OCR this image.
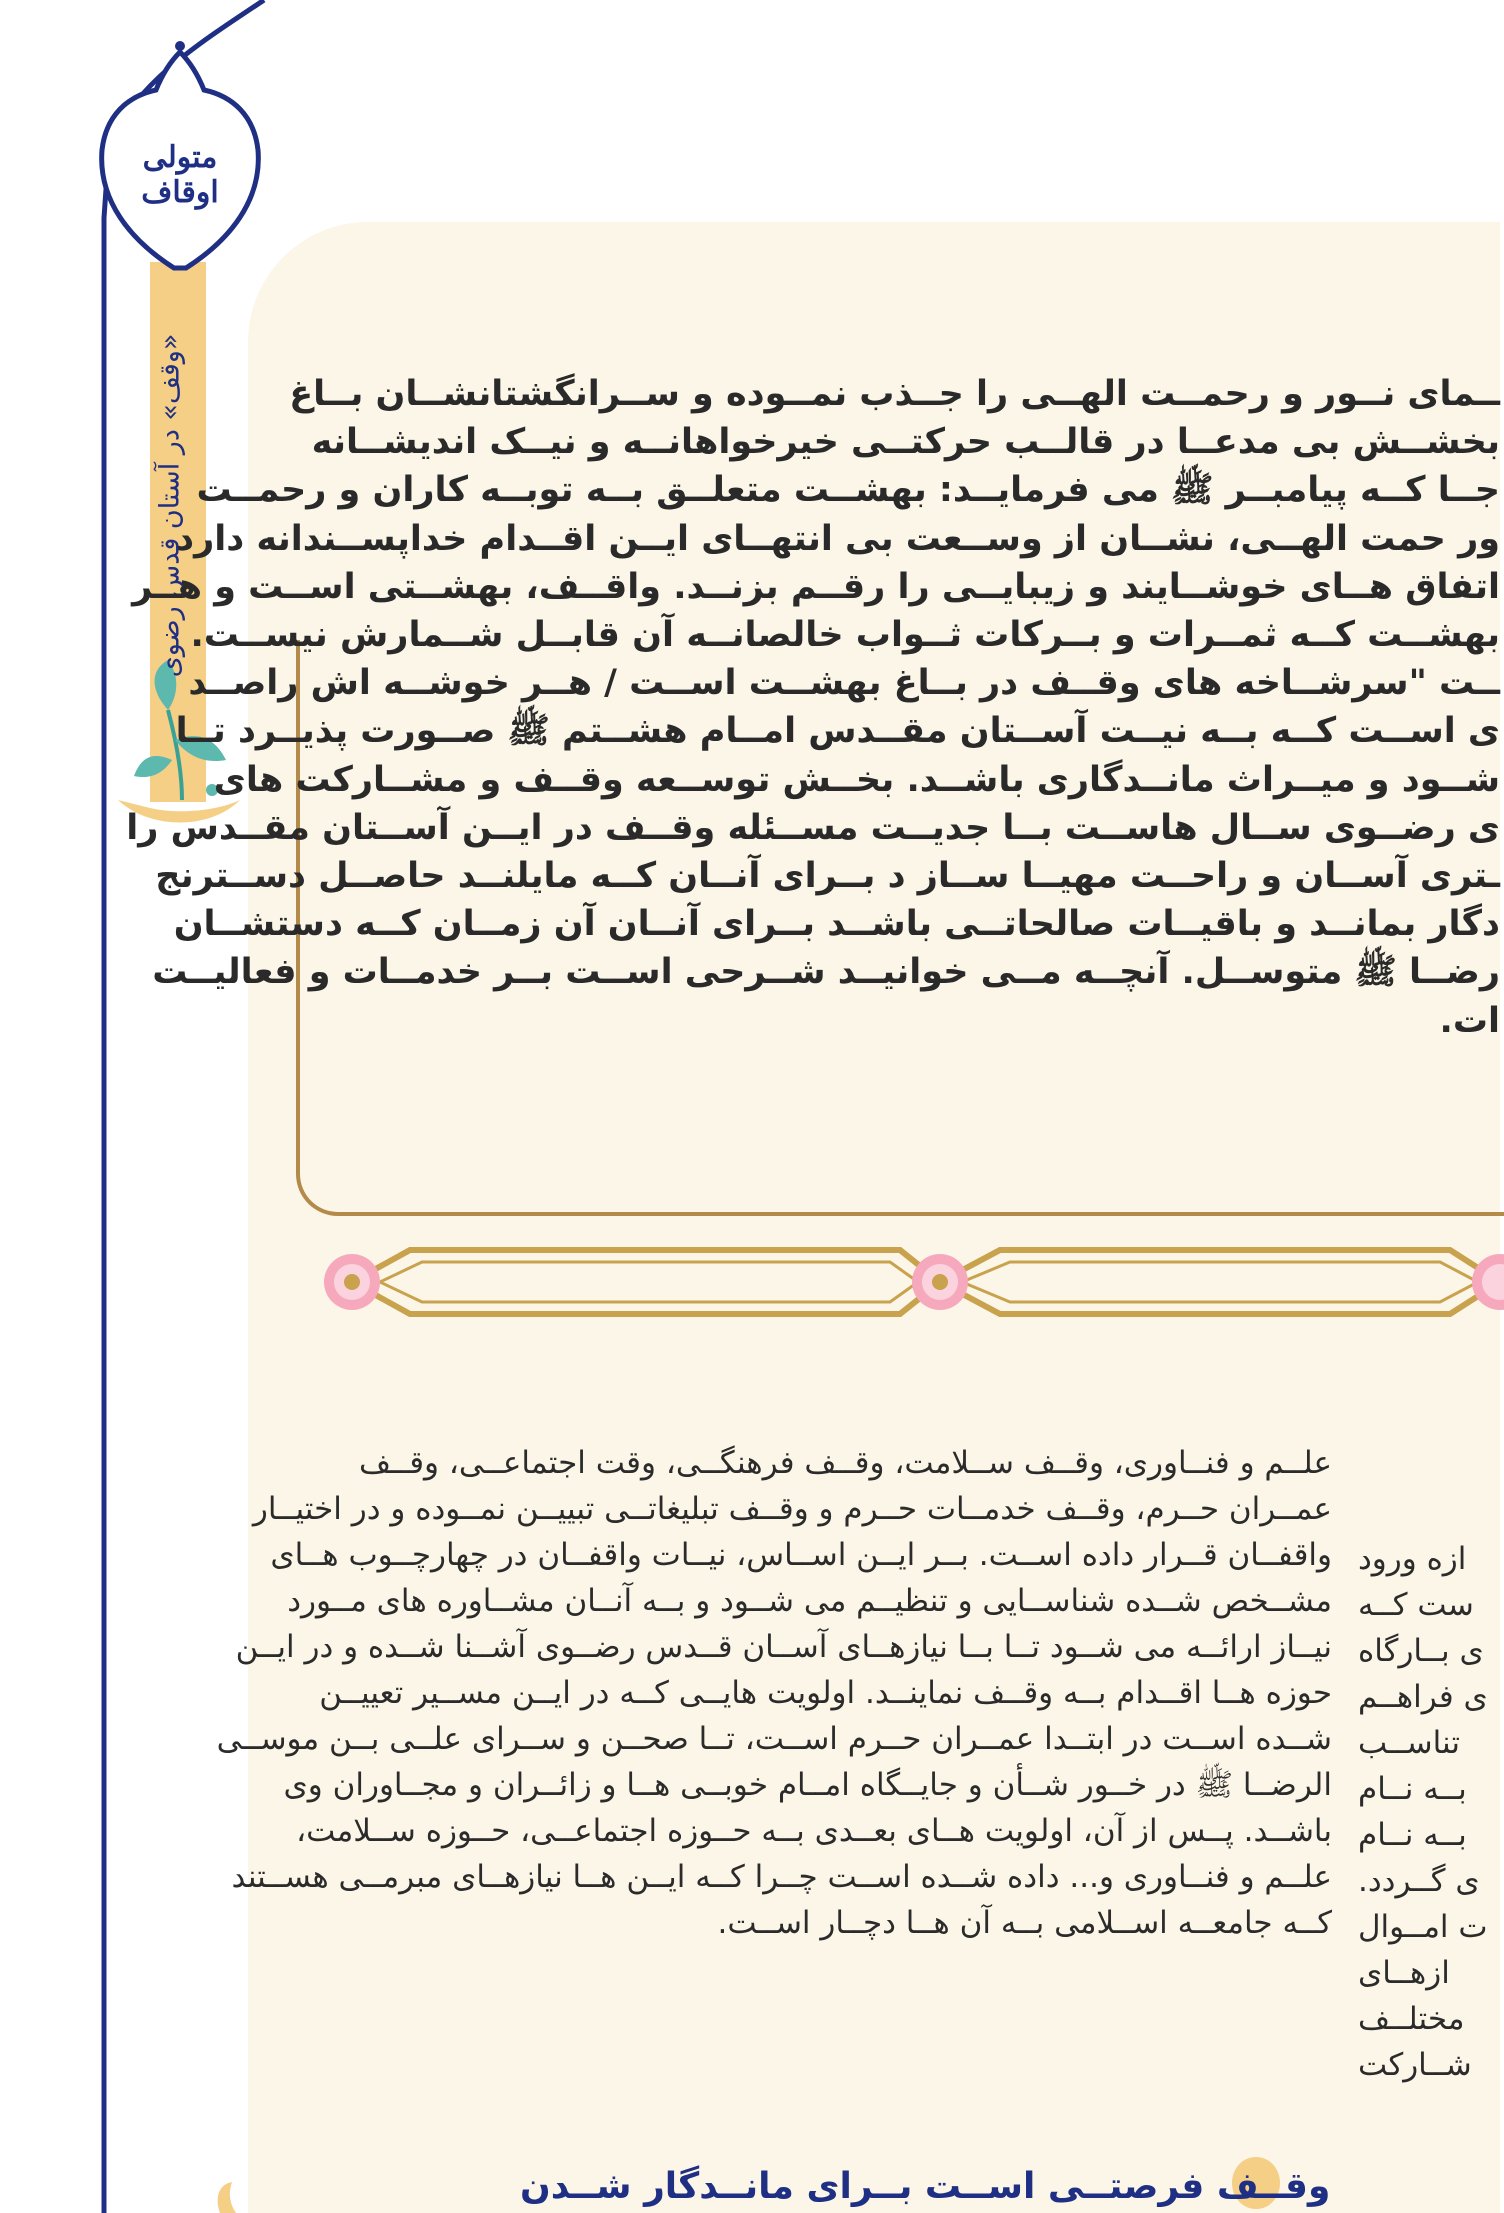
متولی اوقاف
«وقف» در آستان قدس رضوی	ــمای نــور و رحمــت الهــی را جــذب نمــوده و ســرانگشتانشــان بــاغ
بخشــش بی مدعــا در قالــب حرکتــی خیرخواهانــه و نیــک اندیشــانه
جــا کــه پیامبــر ﷺ می فرمایــد: بهشــت متعلــق بــه توبــه کاران و رحمــت
ور حمت الهــی، نشــان از وســعت بی انتهــای ایــن اقــدام خداپســندانه دارد
اتفاق هــای خوشــایند و زیبایــی را رقــم بزنــد. واقــف، بهشــتی اســت و هــر
بهشــت کــه ثمــرات و بــرکات ثــواب خالصانــه آن قابــل شــمارش نیســت.
ــت "سرشــاخه های وقــف در بــاغ بهشــت اســت / هــر خوشــه اش راصــد
ی اســت کــه بــه نیــت آســتان مقــدس امــام هشــتم ﷺ صــورت پذیــرد تــا
شــود و میــراث مانــدگاری باشــد. بخــش توســعه وقــف و مشــارکت های
ی رضــوی ســال هاســت بــا جدیــت مســئله وقــف در ایــن آســتان مقــدس را
ـتری آســان و راحــت مهیــا ســاز د بــرای آنــان کــه مایلنــد حاصــل دســترنج
دگار بمانــد و باقیــات صالحاتــی باشــد بــرای آنــان آن زمــان کــه دستشــان
رضــا ﷺ متوســل. آنچــه مــی خوانیــد شــرحی اســت بــر خدمــات و فعالیــت
ات.
علــم و فنــاوری، وقــف ســلامت، وقــف فرهنگــی، وقت اجتماعــی، وقــف
عمــران حــرم، وقــف خدمــات حــرم و وقــف تبلیغاتــی تبییــن نمــوده و در اختیــار
واقفــان قــرار داده اســت. بــر ایــن اســاس، نیــات واقفــان در چهارچــوب هــای
مشــخص شــده شناســایی و تنظیــم می شــود و بــه آنــان مشــاوره های مــورد
نیــاز ارائــه می شــود تــا بــا نیازهــای آســان قــدس رضــوی آشــنا شــده و در ایــن
حوزه هــا اقــدام بــه وقــف نماینــد. اولویت هایــی کــه در ایــن مســیر تعییــن
شــده اســت در ابتــدا عمــران حــرم اســت، تــا صحــن و ســرای علــی بــن موســی
الرضــا ﷺ در خــور شــأن و جایــگاه امــام خوبــی هــا و زائــران و مجــاوران وی
باشــد. پــس از آن، اولویت هــای بعــدی بــه حــوزه اجتماعــی، حــوزه ســلامت،
علــم و فنــاوری و... داده شــده اســت چــرا کــه ایــن هــا نیازهــای مبرمــی هســتند
کــه جامعــه اســلامی بــه آن هــا دچــار اســت.
ازه ورود
ست کــه
ی بــارگاه
ی فراهــم
تناســب
بــه نــام
بــه نــام
ی گــردد.
ت امــوال
ازهــای
مختلــف
شــارکت
وقــف فرصتــی اســت بــرای مانــدگار شــدن
